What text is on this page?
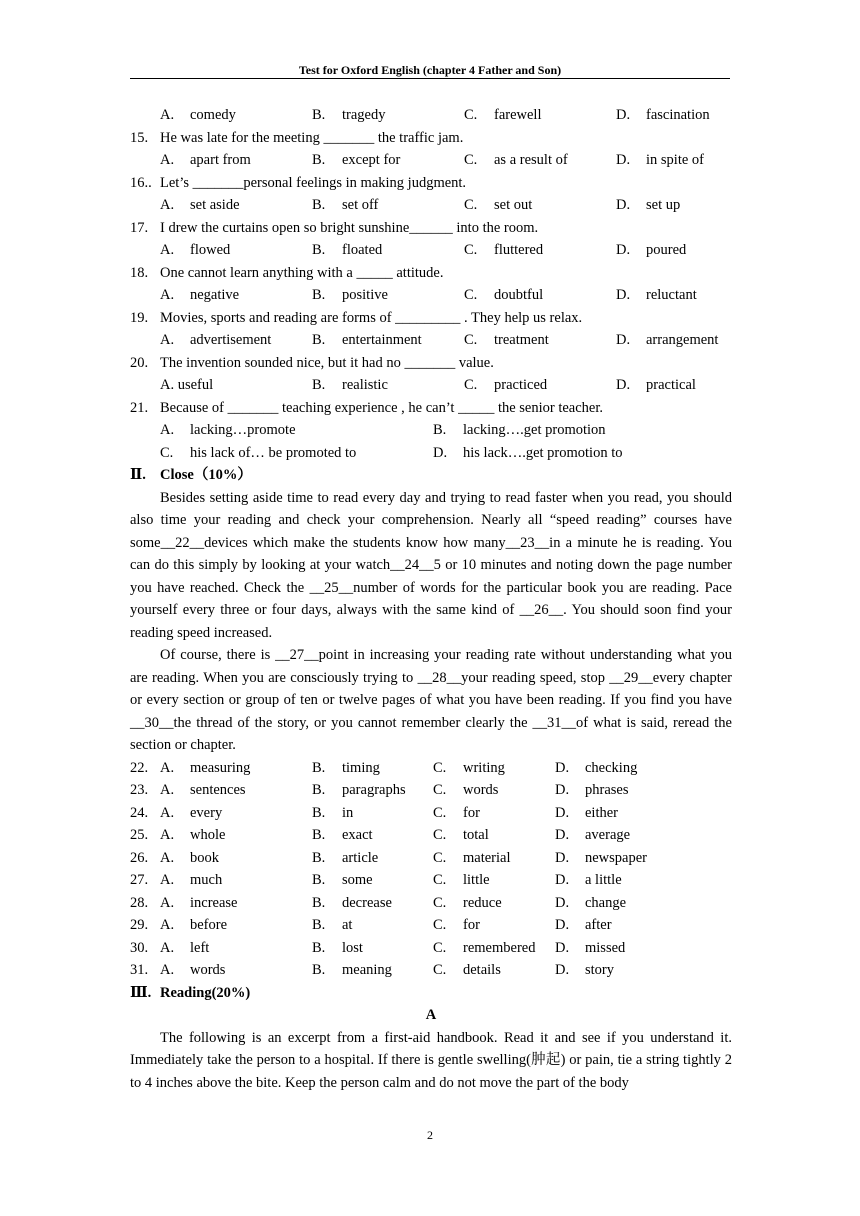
Test for Oxford English (chapter 4 Father and Son)
A. comedy	B. tragedy	C. farewell	D. fascination
15. He was late for the meeting _______ the traffic jam.
A. apart from	B. except for	C. as a result of	D. in spite of
16.. Let’s _______personal feelings in making judgment.
A. set aside	B. set off	C. set out	D. set up
17. I drew the curtains open so bright sunshine______ into the room.
A. flowed	B. floated	C. fluttered	D. poured
18. One cannot learn anything with a _____ attitude.
A. negative	B. positive	C. doubtful	D. reluctant
19. Movies, sports and reading are forms of _________ . They help us relax.
A. advertisement	B. entertainment	C. treatment	D. arrangement
20. The invention sounded nice, but it had no _______ value.
A. useful	B. realistic	C. practiced	D. practical
21. Because of _______ teaching experience , he can’t _____ the senior teacher.
A. lacking…promote	B. lacking….get promotion
C. his lack of… be promoted to	D. his lack….get promotion to
Ⅱ. Close（10%）
Besides setting aside time to read every day and trying to read faster when you read, you should also time your reading and check your comprehension. Nearly all “speed reading” courses have some__22__devices which make the students know how many__23__in a minute he is reading. You can do this simply by looking at your watch__24__5 or 10 minutes and noting down the page number you have reached. Check the __25__number of words for the particular book you are reading. Pace yourself every three or four days, always with the same kind of __26__. You should soon find your reading speed increased.
Of course, there is __27__point in increasing your reading rate without understanding what you are reading. When you are consciously trying to __28__your reading speed, stop __29__every chapter or every section or group of ten or twelve pages of what you have been reading. If you find you have __30__the thread of the story, or you cannot remember clearly the __31__of what is said, reread the section or chapter.
22. A. measuring	B. timing	C. writing	D. checking
23. A. sentences	B. paragraphs C. words	D. phrases
24. A. every	B. in	C. for	D. either
25. A. whole	B. exact	C. total	D. average
26. A. book	B. article	C. material	D. newspaper
27. A. much	B. some	C. little	D. a little
28. A. increase	B. decrease	C. reduce	D. change
29. A. before	B. at	C. for	D. after
30. A. left	B. lost	C. remembered D. missed
31. A. words	B. meaning	C. details	D. story
Ⅲ. Reading(20%)
A
The following is an excerpt from a first-aid handbook. Read it and see if you understand it. Immediately take the person to a hospital. If there is gentle swelling(肿起) or pain, tie a string tightly 2 to 4 inches above the bite. Keep the person calm and do not move the part of the body
2
